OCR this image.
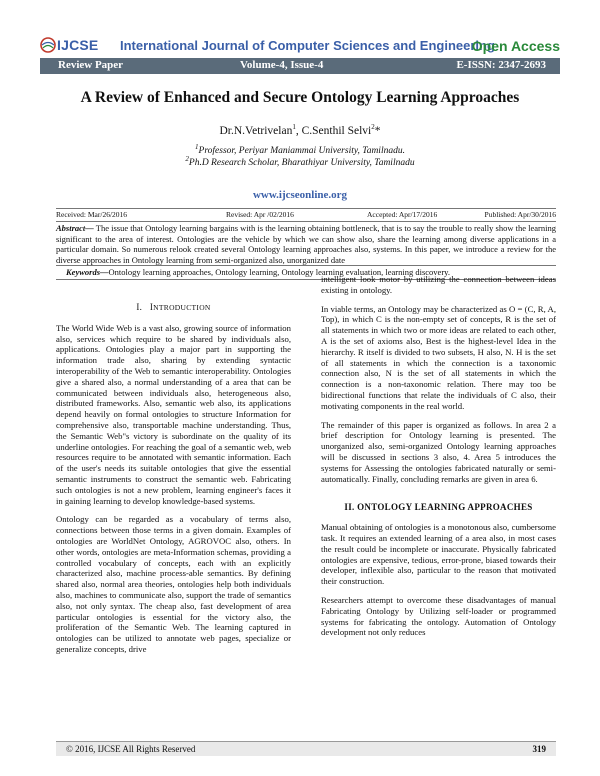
IJCSE International Journal of Computer Sciences and Engineering
Open Access
Review Paper	Volume-4, Issue-4	E-ISSN: 2347-2693
A Review of Enhanced and Secure Ontology Learning Approaches
Dr.N.Vetrivelan$^1$, C.Senthil Selvi$^2$*
$^1$Professor, Periyar Maniammai University, Tamilnadu.
$^2$Ph.D Research Scholar, Bharathiyar University, Tamilnadu
www.ijcseonline.org
Received: Mar/26/2016	Revised: Apr /02/2016	Accepted: Apr/17/2016	Published: Apr/30/2016
Abstract— The issue that Ontology learning bargains with is the learning obtaining bottleneck, that is to say the trouble to really show the learning significant to the area of interest. Ontologies are the vehicle by which we can show also, share the learning among diverse applications in a particular domain. So numerous relook created several Ontology learning approaches also, systems. In this paper, we introduce a review for the diverse approaches in Ontology learning from semi-organized also, unorganized date
Keywords—Ontology learning approaches, Ontology learning, Ontology learning evaluation, learning discovery.
I. INTRODUCTION

The World Wide Web is a vast also, growing source of information also, services which require to be shared by individuals also, applications. Ontologies play a major part in supporting the information trade also, sharing by extending syntactic interoperability of the Web to semantic interoperability. Ontologies give a shared also, a normal understanding of a area that can be communicated between individuals also, heterogeneous also, distributed frameworks. Also, semantic web also, its applications depend heavily on formal ontologies to structure Information for comprehensive also, transportable machine understanding. Thus, the Semantic Web"s victory is subordinate on the quality of its underline ontologies. For reaching the goal of a semantic web, web resources require to be annotated with semantic information. Each of the user's needs its suitable ontologies that give the essential semantic instruments to construct the semantic web. Fabricating such ontologies is not a new problem, learning engineer's faces it in gaining learning to develop knowledge-based systems.

Ontology can be regarded as a vocabulary of terms also, connections between those terms in a given domain. Examples of ontologies are WorldNet Ontology, AGROVOC also, others. In other words, ontologies are meta-Information schemas, providing a controlled vocabulary of concepts, each with an explicitly characterized also, machine process-able semantics. By defining shared also, normal area theories, ontologies help both individuals also, machines to communicate also, support the trade of semantics also, not only syntax. The cheap also, fast development of area particular ontologies is essential for the victory also, the proliferation of the Semantic Web. The learning captured in ontologies can be utilized to annotate web pages, specialize or generalize concepts, drive

intelligent look motor by utilizing the connection between ideas existing in ontology.

In viable terms, an Ontology may be characterized as O = (C, R, A, Top), in which C is the non-empty set of concepts, R is the set of all statements in which two or more ideas are related to each other, A is the set of axioms also, Best is the highest-level Idea in the hierarchy. R itself is divided to two subsets, H also, N. H is the set of all statements in which the connection is a taxonomic connection also, N is the set of all statements in which the connection is a non-taxonomic relation. There may too be bidirectional functions that relate the individuals of C also, their motivating components in the real world.

The remainder of this paper is organized as follows. In area 2 a brief description for Ontology learning is presented. The unorganized also, semi-organized Ontology learning approaches will be discussed in sections 3 also, 4. Area 5 introduces the systems for Assessing the ontologies fabricated naturally or semi-automatically. Finally, concluding remarks are given in area 6.

II. ONTOLOGY LEARNING APPROACHES

Manual obtaining of ontologies is a monotonous also, cumbersome task. It requires an extended learning of a area also, in most cases the result could be incomplete or inaccurate. Physically fabricated ontologies are expensive, tedious, error-prone, biased towards their developer, inflexible also, particular to the reason that motivated their construction.

Researchers attempt to overcome these disadvantages of manual Fabricating Ontology by Utilizing self-loader or programmed systems for fabricating the ontology. Automation of Ontology development not only reduces

© 2016, IJCSE All Rights Reserved	319
